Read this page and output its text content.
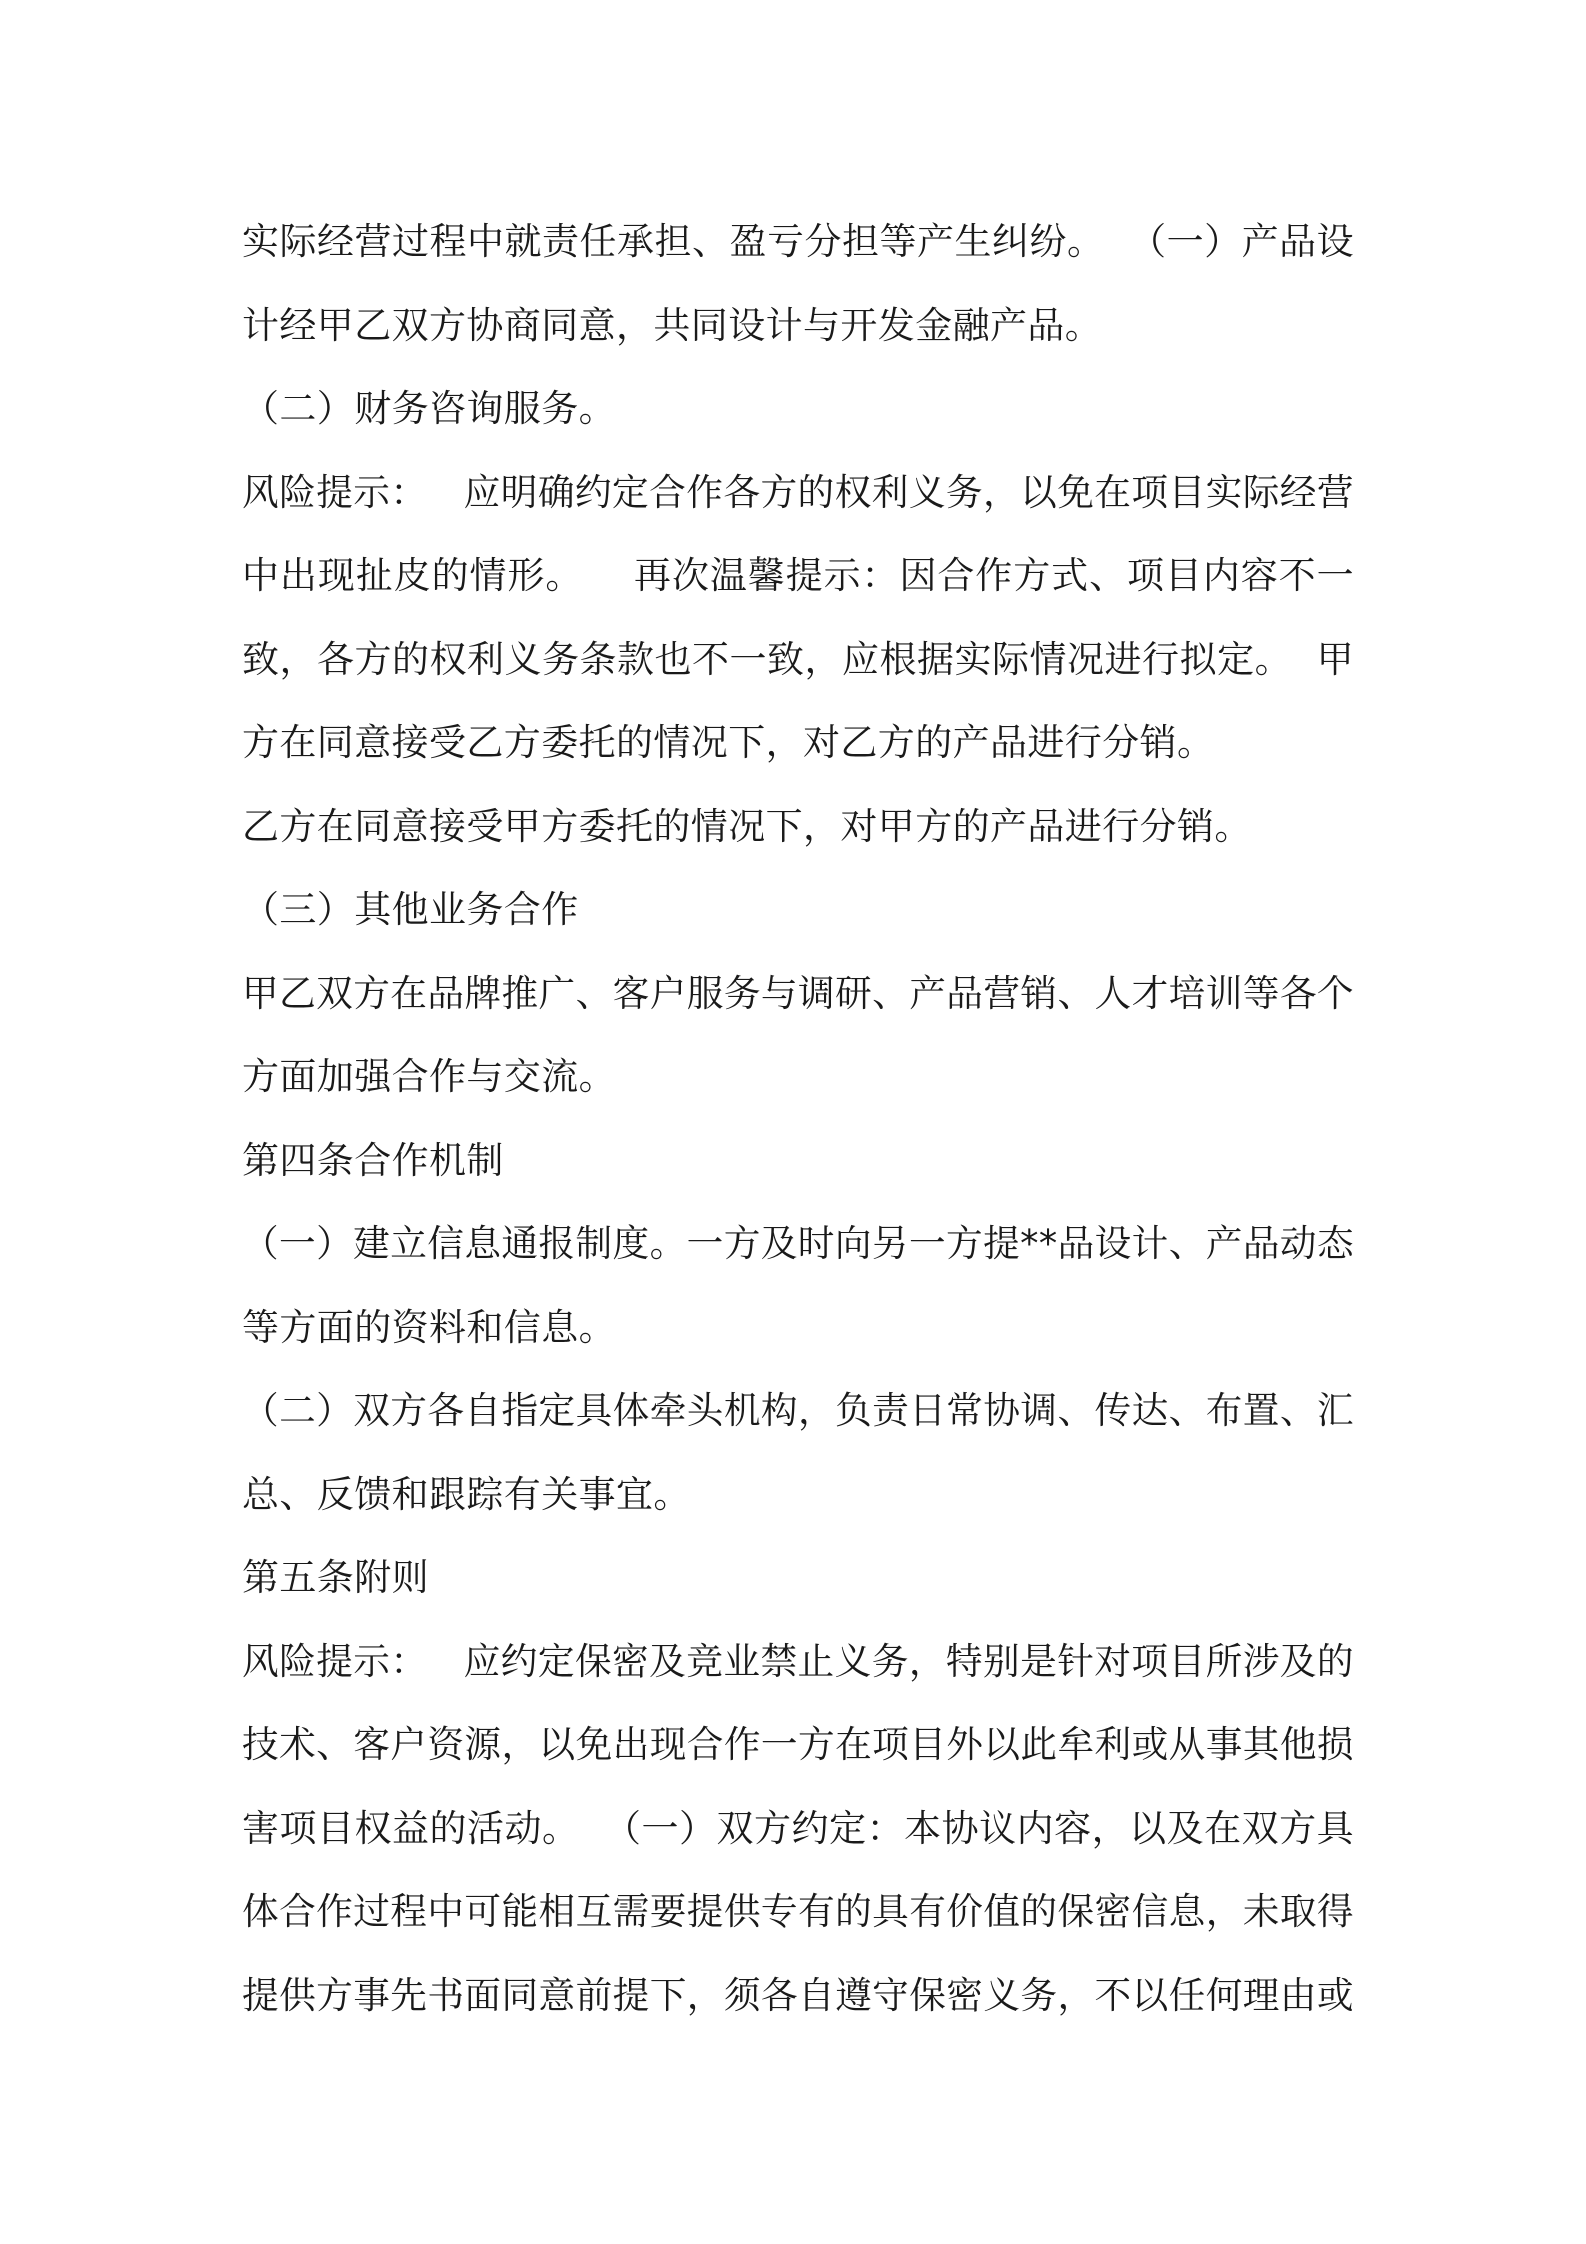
实际经营过程中就责任承担、盈亏分担等产生纠纷。  （一）产品设
计经甲乙双方协商同意，共同设计与开发金融产品。
（二）财务咨询服务。
风险提示：   应明确约定合作各方的权利义务，以免在项目实际经营
中出现扯皮的情形。    再次温馨提示：因合作方式、项目内容不一
致，各方的权利义务条款也不一致，应根据实际情况进行拟定。  甲
方在同意接受乙方委托的情况下，对乙方的产品进行分销。
乙方在同意接受甲方委托的情况下，对甲方的产品进行分销。
（三）其他业务合作
甲乙双方在品牌推广、客户服务与调研、产品营销、人才培训等各个
方面加强合作与交流。
第四条合作机制
（一）建立信息通报制度。一方及时向另一方提**品设计、产品动态
等方面的资料和信息。
（二）双方各自指定具体牵头机构，负责日常协调、传达、布置、汇
总、反馈和跟踪有关事宜。
第五条附则
风险提示：   应约定保密及竞业禁止义务，特别是针对项目所涉及的
技术、客户资源，以免出现合作一方在项目外以此牟利或从事其他损
害项目权益的活动。  （一）双方约定：本协议内容，以及在双方具
体合作过程中可能相互需要提供专有的具有价值的保密信息，未取得
提供方事先书面同意前提下，须各自遵守保密义务，不以任何理由或
